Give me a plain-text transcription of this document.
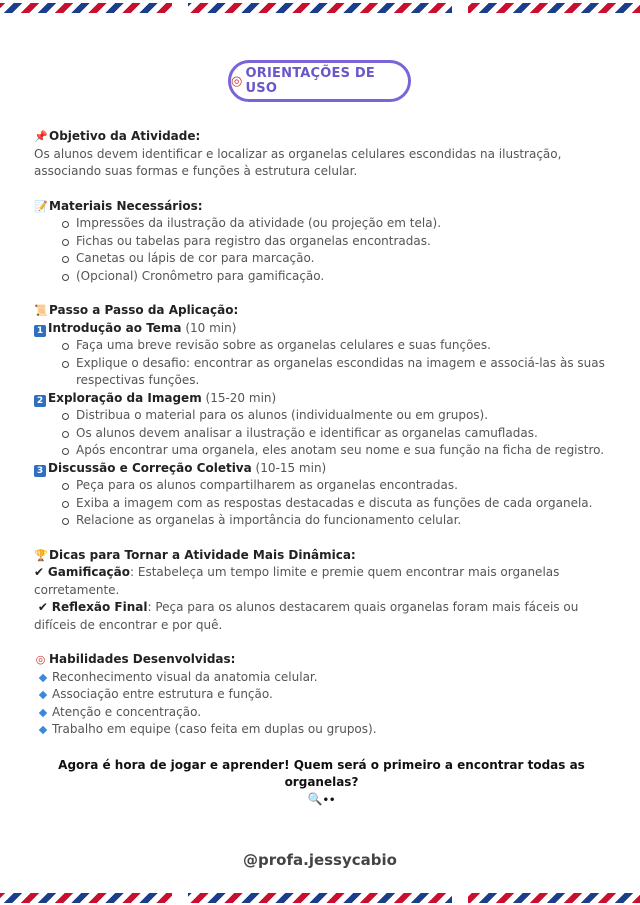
◎ ORIENTAÇÕES DE USO
📌Objetivo da Atividade:

Os alunos devem identificar e localizar as organelas celulares escondidas na ilustração, associando suas formas e funções à estrutura celular.

📝Materiais Necessários:
Impressões da ilustração da atividade (ou projeção em tela).
Fichas ou tabelas para registro das organelas encontradas.
Canetas ou lápis de cor para marcação.
(Opcional) Cronômetro para gamificação.
📜Passo a Passo da Aplicação:
1 Introdução ao Tema (10 min)
Faça uma breve revisão sobre as organelas celulares e suas funções.
Explique o desafio: encontrar as organelas escondidas na imagem e associá-las às suas respectivas funções.
2 Exploração da Imagem (15-20 min)
Distribua o material para os alunos (individualmente ou em grupos).
Os alunos devem analisar a ilustração e identificar as organelas camufladas.
Após encontrar uma organela, eles anotam seu nome e sua função na ficha de registro.
3 Discussão e Correção Coletiva (10-15 min)
Peça para os alunos compartilharem as organelas encontradas.
Exiba a imagem com as respostas destacadas e discuta as funções de cada organela.
Relacione as organelas à importância do funcionamento celular.
🏆Dicas para Tornar a Atividade Mais Dinâmica:

✔ Gamificação: Estabeleça um tempo limite e premie quem encontrar mais organelas corretamente.

✔ Reflexão Final: Peça para os alunos destacarem quais organelas foram mais fáceis ou difíceis de encontrar e por quê.

◎ Habilidades Desenvolvidas:
Reconhecimento visual da anatomia celular.
Associação entre estrutura e função.
Atenção e concentração.
Trabalho em equipe (caso feita em duplas ou grupos).
Agora é hora de jogar e aprender! Quem será o primeiro a encontrar todas as organelas?
🔍••
@profa.jessycabio
